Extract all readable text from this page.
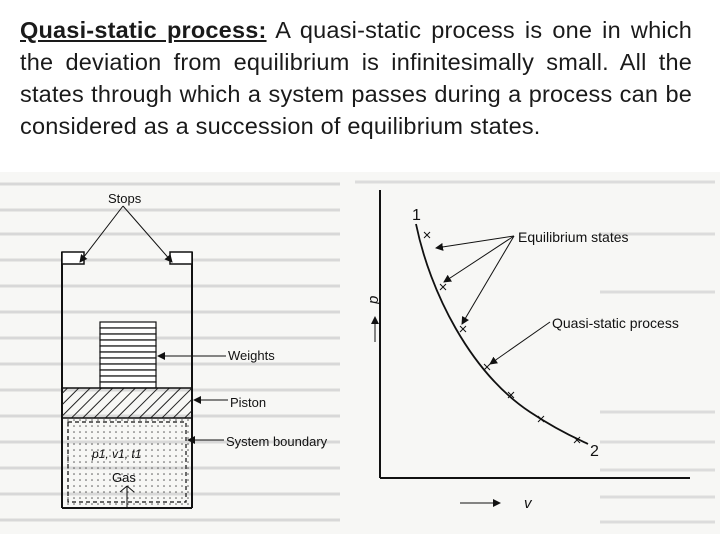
Quasi-static process: A quasi-static process is one in which the deviation from equilibrium is infinitesimally small. All the states through which a system passes during a process can be considered as a succession of equilibrium states.
Stops
Weights
Piston
System boundary
p1, v1, t1
Gas
1
2
Equilibrium states
Quasi-static process
p
v
